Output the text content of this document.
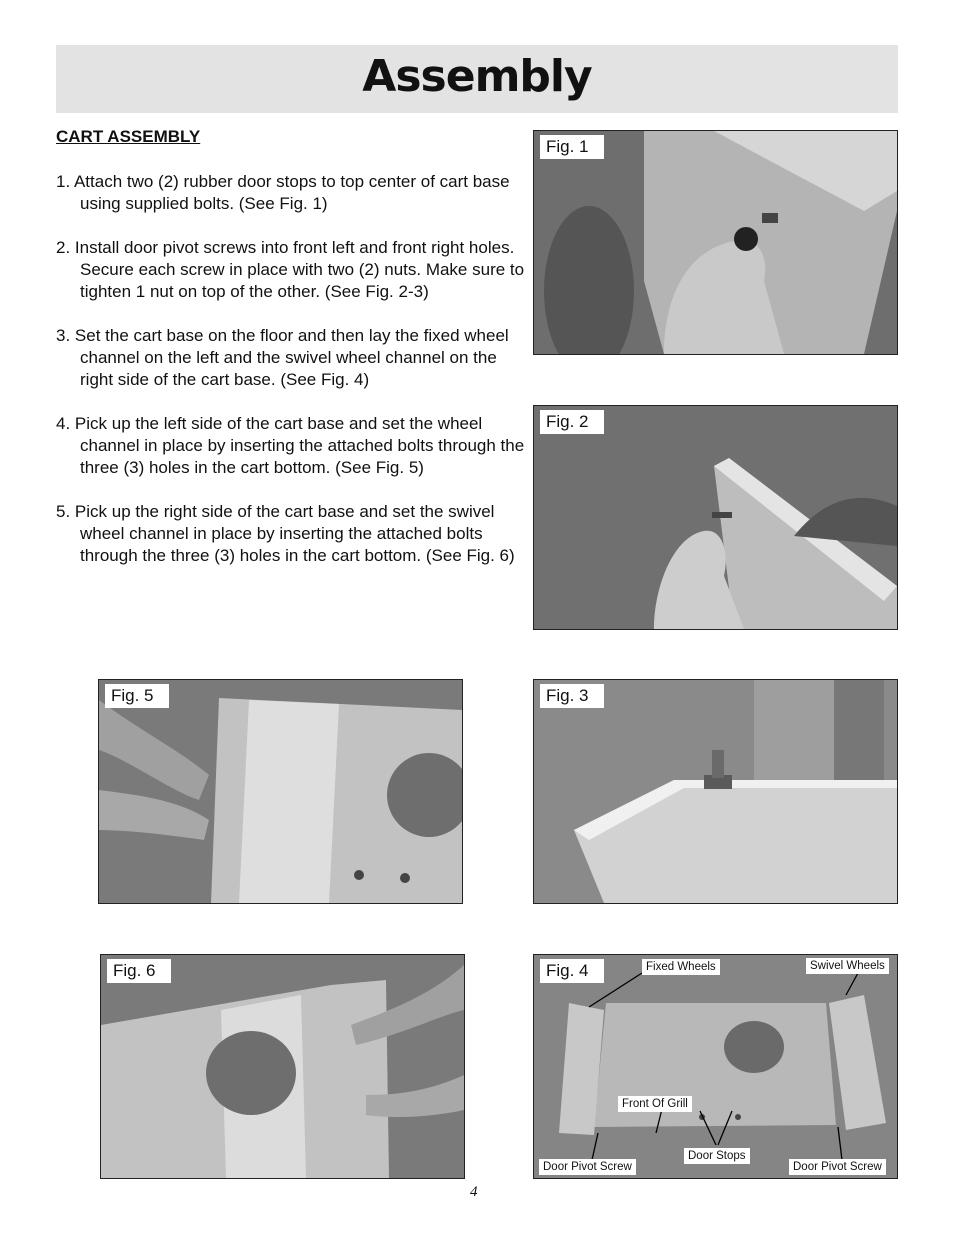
Assembly

CART ASSEMBLY

1. Attach two (2) rubber door stops to top center of cart base using supplied bolts. (See Fig. 1)

2. Install door pivot screws into front left and front right holes. Secure each screw in place with two (2) nuts. Make sure to tighten 1 nut on top of the other. (See Fig. 2-3)

3. Set the cart base on the floor and then lay the fixed wheel channel on the left and the swivel wheel channel on the right side of the cart base. (See Fig. 4)

4. Pick up the left side of the cart base and set the wheel channel in place by inserting the attached bolts through the three (3) holes in the cart bottom. (See Fig. 5)

5. Pick up the right side of the cart base and set the swivel wheel channel in place by inserting the attached bolts through the three (3) holes in the cart bottom. (See Fig. 6)

Fig. 1
Fig. 2
Fig. 3
Fig. 4	Fixed Wheels	Swivel Wheels
Front Of Grill
Door Stops
Door Pivot Screw	Door Pivot Screw
Fig. 5
Fig. 6
4
